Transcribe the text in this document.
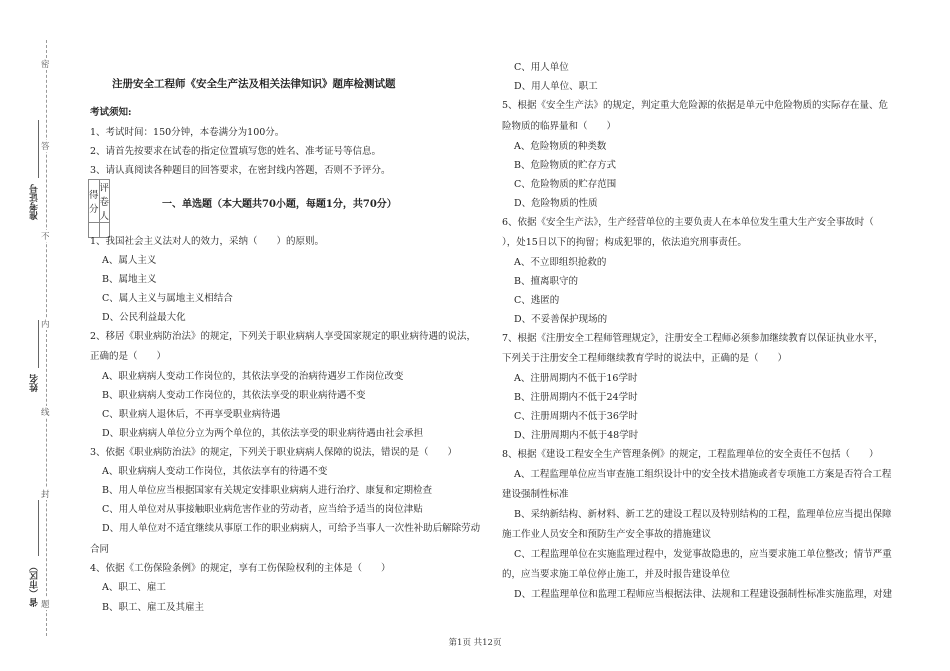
密
答
不
内
线
封
题
准考证号
姓名
省（市区）
注册安全工程师《安全生产法及相关法律知识》题库检测试题
考试须知:
1、考试时间：150分钟，本卷满分为100分。
2、请首先按要求在试卷的指定位置填写您的姓名、准考证号等信息。
3、请认真阅读各种题目的回答要求，在密封线内答题，否则不予评分。
得分	评卷人

一、单选题（本大题共70小题，每题1分，共70分）
1、我国社会主义法对人的效力，采纳（　　）的原则。
A、属人主义
B、属地主义
C、属人主义与属地主义相结合
D、公民利益最大化
2、移居《职业病防治法》的规定，下列关于职业病病人享受国家规定的职业病待遇的说法，
正确的是（　　）
A、职业病病人变动工作岗位的，其依法享受的治病待遇岁工作岗位改变
B、职业病病人变动工作岗位的，其依法享受的职业病待遇不变
C、职业病人退休后，不再享受职业病待遇
D、职业病病人单位分立为两个单位的，其依法享受的职业病待遇由社会承担
3、依据《职业病防治法》的规定，下列关于职业病病人保障的说法，错误的是（　　）
A、职业病病人变动工作岗位，其依法享有的待遇不变
B、用人单位应当根据国家有关规定安排职业病病人进行治疗、康复和定期检查
C、用人单位对从事接触职业病危害作业的劳动者，应当给予适当的岗位津贴
D、用人单位对不适宜继续从事原工作的职业病病人，可给予当事人一次性补助后解除劳动
合同
4、依据《工伤保险条例》的规定，享有工伤保险权利的主体是（　　）
A、职工、雇工
B、职工、雇工及其雇主
C、用人单位
D、用人单位、职工
5、根据《安全生产法》的规定，判定重大危险源的依据是单元中危险物质的实际存在量、危
险物质的临界量和（　　）
A、危险物质的种类数
B、危险物质的贮存方式
C、危险物质的贮存范围
D、危险物质的性质
6、依据《安全生产法》，生产经营单位的主要负责人在本单位发生重大生产安全事故时（
），处15日以下的拘留；构成犯罪的，依法追究刑事责任。
A、不立即组织抢救的
B、擅离职守的
C、逃匿的
D、不妥善保护现场的
7、根据《注册安全工程师管理规定》，注册安全工程师必须参加继续教育以保证执业水平，
下列关于注册安全工程师继续教育学时的说法中，正确的是（　　）
A、注册周期内不低于16学时
B、注册周期内不低于24学时
C、注册周期内不低于36学时
D、注册周期内不低于48学时
8、根据《建设工程安全生产管理条例》的规定，工程监理单位的安全责任不包括（　　）
A、工程监理单位应当审查施工组织设计中的安全技术措施或者专项施工方案是否符合工程
建设强制性标准
B、采纳新结构、新材料、新工艺的建设工程以及特别结构的工程，监理单位应当提出保障
施工作业人员安全和预防生产安全事故的措施建议
C、工程监理单位在实施监理过程中，发觉事故隐患的，应当要求施工单位整改；情节严重
的，应当要求施工单位停止施工，并及时报告建设单位
D、工程监理单位和监理工程师应当根据法律、法规和工程建设强制性标准实施监理，对建
第1页 共12页
